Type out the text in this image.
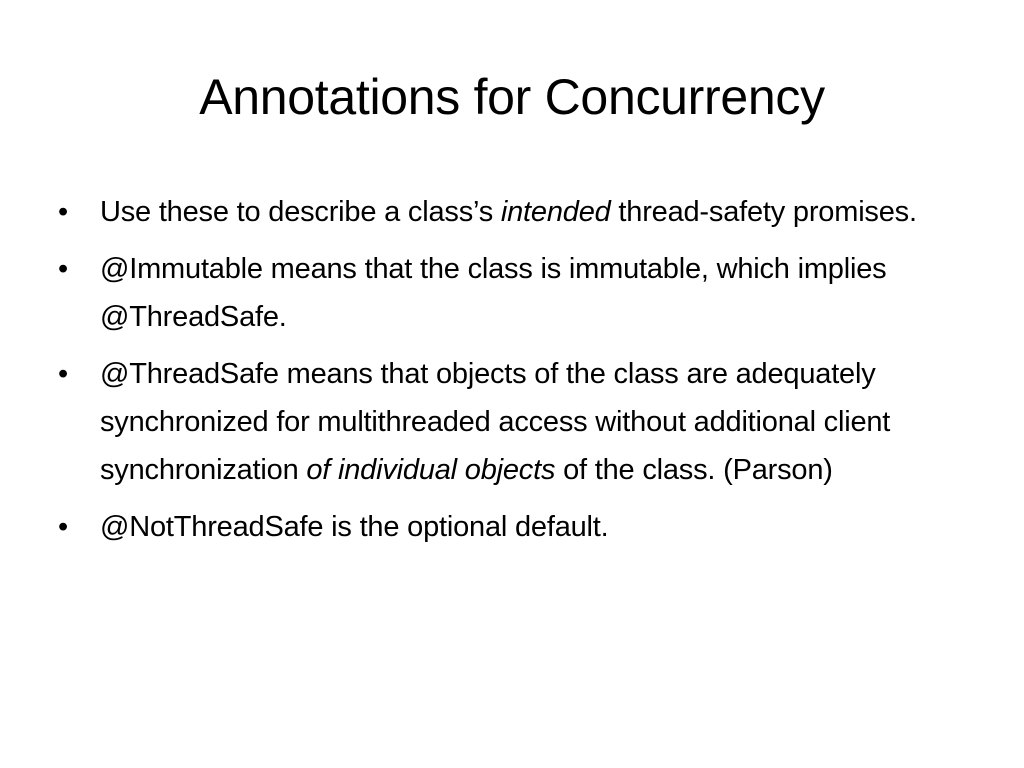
Annotations for Concurrency
•	Use these to describe a class’s intended thread-safety promises.
•	@Immutable means that the class is immutable, which implies @ThreadSafe.
•	@ThreadSafe means that objects of the class are adequately synchronized for multithreaded access without additional client synchronization of individual objects of the class. (Parson)
•	@NotThreadSafe is the optional default.
